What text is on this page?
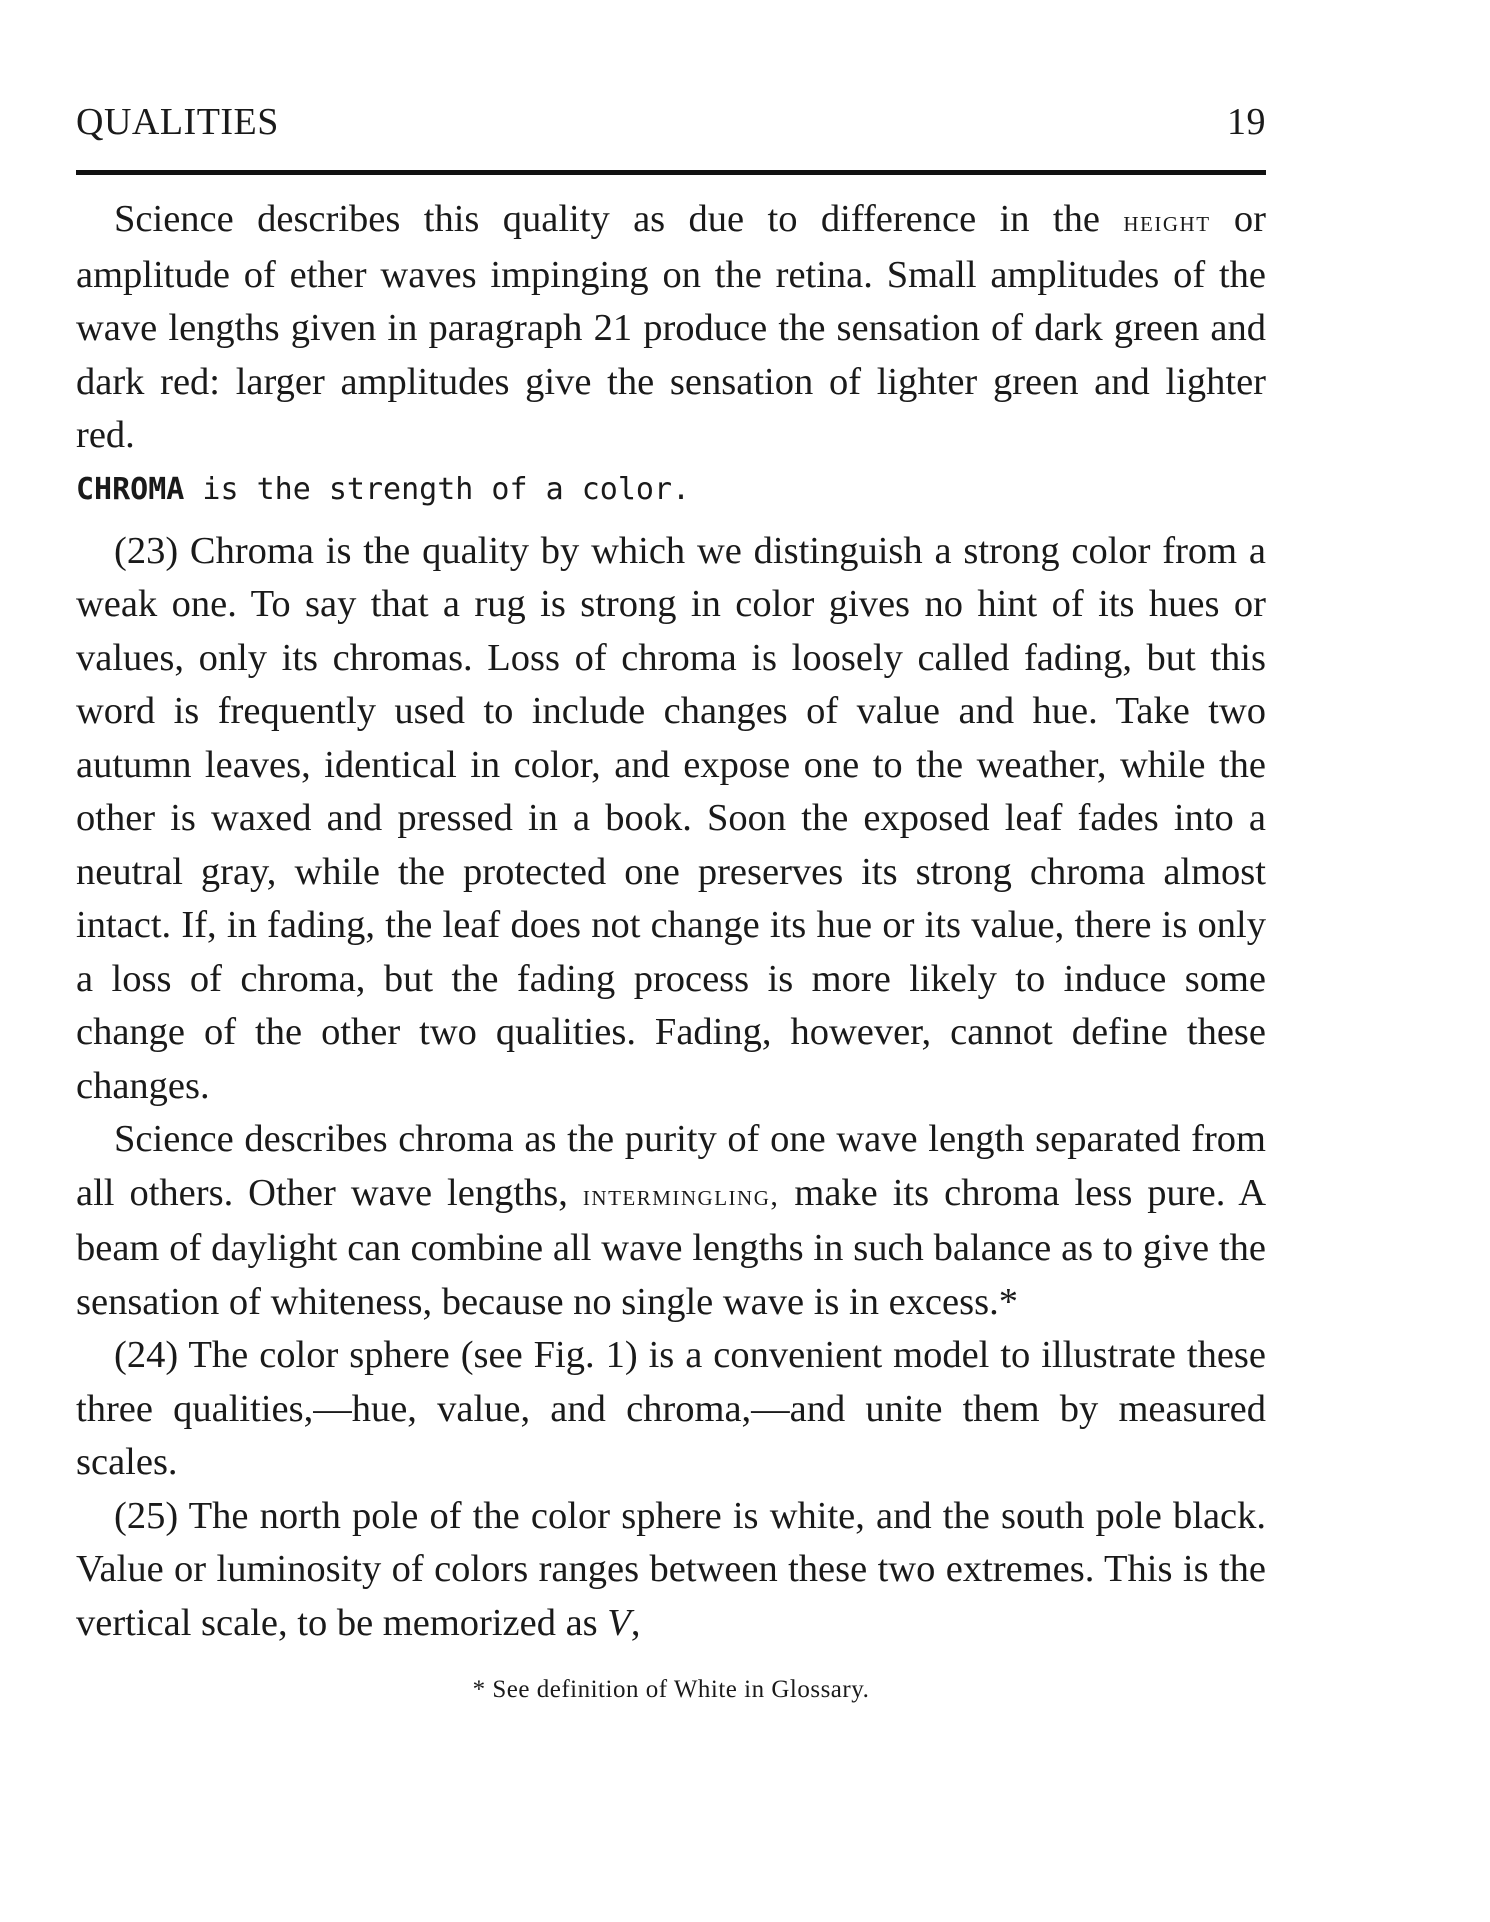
QUALITIES	19

Science describes this quality as due to difference in the height or amplitude of ether waves impinging on the retina. Small amplitudes of the wave lengths given in paragraph 21 produce the sensation of dark green and dark red: larger amplitudes give the sensation of lighter green and lighter red.

CHROMA is the strength of a color.

(23) Chroma is the quality by which we distinguish a strong color from a weak one. To say that a rug is strong in color gives no hint of its hues or values, only its chromas. Loss of chroma is loosely called fading, but this word is frequently used to include changes of value and hue. Take two autumn leaves, identical in color, and expose one to the weather, while the other is waxed and pressed in a book. Soon the exposed leaf fades into a neutral gray, while the protected one preserves its strong chroma almost intact. If, in fading, the leaf does not change its hue or its value, there is only a loss of chroma, but the fading process is more likely to induce some change of the other two qualities. Fading, however, cannot define these changes.

Science describes chroma as the purity of one wave length separated from all others. Other wave lengths, intermingling, make its chroma less pure. A beam of daylight can combine all wave lengths in such balance as to give the sensation of whiteness, because no single wave is in excess.*

(24) The color sphere (see Fig. 1) is a convenient model to illustrate these three qualities,—hue, value, and chroma,—and unite them by measured scales.

(25) The north pole of the color sphere is white, and the south pole black. Value or luminosity of colors ranges between these two extremes. This is the vertical scale, to be memorized as V,

* See definition of White in Glossary.
